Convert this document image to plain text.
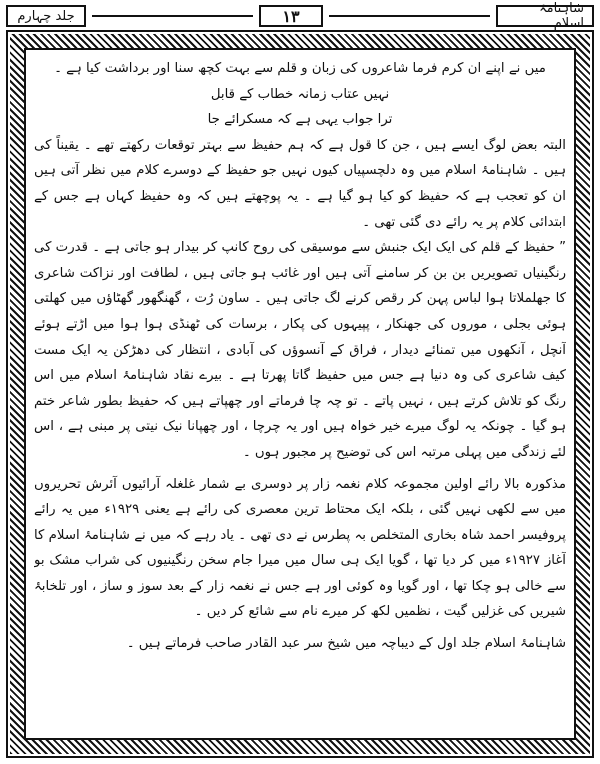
شاہنامۂ اسلام
۱۳
جلد چہارم

میں نے اپنے ان کرم فرما شاعروں کی زبان و قلم سے بہت کچھ سنا اور برداشت کیا ہے ۔

نہیں عتاب زمانہ خطاب کے قابل

ترا جواب یہی ہے کہ مسکرائے جا

البتہ بعض لوگ ایسے ہیں ، جن کا قول ہے کہ ہم حفیظ سے بہتر توقعات رکھتے تھے ۔ یقیناً کی ہیں ۔ شاہنامۂ اسلام میں وہ دلچسپیاں کیوں نہیں جو حفیظ کے دوسرے کلام میں نظر آتی ہیں ان کو تعجب ہے کہ حفیظ کو کیا ہو گیا ہے ۔ یہ پوچھتے ہیں کہ وہ حفیظ کہاں ہے جس کے ابتدائی کلام پر یہ رائے دی گئی تھی ۔

” حفیظ کے قلم کی ایک ایک جنبش سے موسیقی کی روح کانپ کر بیدار ہو جاتی ہے ۔ قدرت کی رنگینیاں تصویریں بن بن کر سامنے آتی ہیں اور غائب ہو جاتی ہیں ، لطافت اور نزاکت شاعری کا جھلملاتا ہوا لباس پہن کر رقص کرنے لگ جاتی ہیں ۔ ساون رُت ، گھنگھور گھٹاؤں میں کھلتی ہوئی بجلی ، موروں کی جھنکار ، پپیہوں کی پکار ، برسات کی ٹھنڈی ہوا ہوا میں اڑتے ہوئے آنچل ، آنکھوں میں تمنائے دیدار ، فراق کے آنسوؤں کی آبادی ، انتظار کی دھڑکن یہ ایک مست کیف شاعری کی وہ دنیا ہے جس میں حفیظ گاتا پھرتا ہے ۔ بیرے نقاد شاہنامۂ اسلام میں اس رنگ کو تلاش کرتے ہیں ، نہیں پاتے ۔ تو چہ چا فرماتے اور چھپاتے ہیں کہ حفیظ بطور شاعر ختم ہو گیا ۔ چونکہ یہ لوگ میرے خیر خواہ ہیں اور یہ چرچا ، اور چھپانا نیک نیتی پر مبنی ہے ، اس لئے زندگی میں پہلی مرتبہ اس کی توضیح پر مجبور ہوں ۔

مذکورہ بالا رائے اولین مجموعہ کلام نغمہ زار پر دوسری بے شمار غلغلہ آرائیوں آئرش تحریروں میں سے لکھی نہیں گئی ، بلکہ ایک محتاط ترین معصری کی رائے ہے یعنی ۱۹۲۹ء میں یہ رائے پروفیسر احمد شاہ بخاری المتخلص بہ پطرس نے دی تھی ۔ یاد رہے کہ میں نے شاہنامۂ اسلام کا آغاز ۱۹۲۷ء میں کر دیا تھا ، گویا ایک ہی سال میں میرا جام سخن رنگینیوں کی شراب مشک بو سے خالی ہو چکا تھا ، اور گویا وہ کوئی اور ہے جس نے نغمہ زار کے بعد سوز و ساز ، اور تلخابۂ شیریں کی غزلیں گیت ، نظمیں لکھ کر میرے نام سے شائع کر دیں ۔

شاہنامۂ اسلام جلد اول کے دیباچہ میں شیخ سر عبد القادر صاحب فرماتے ہیں ۔
